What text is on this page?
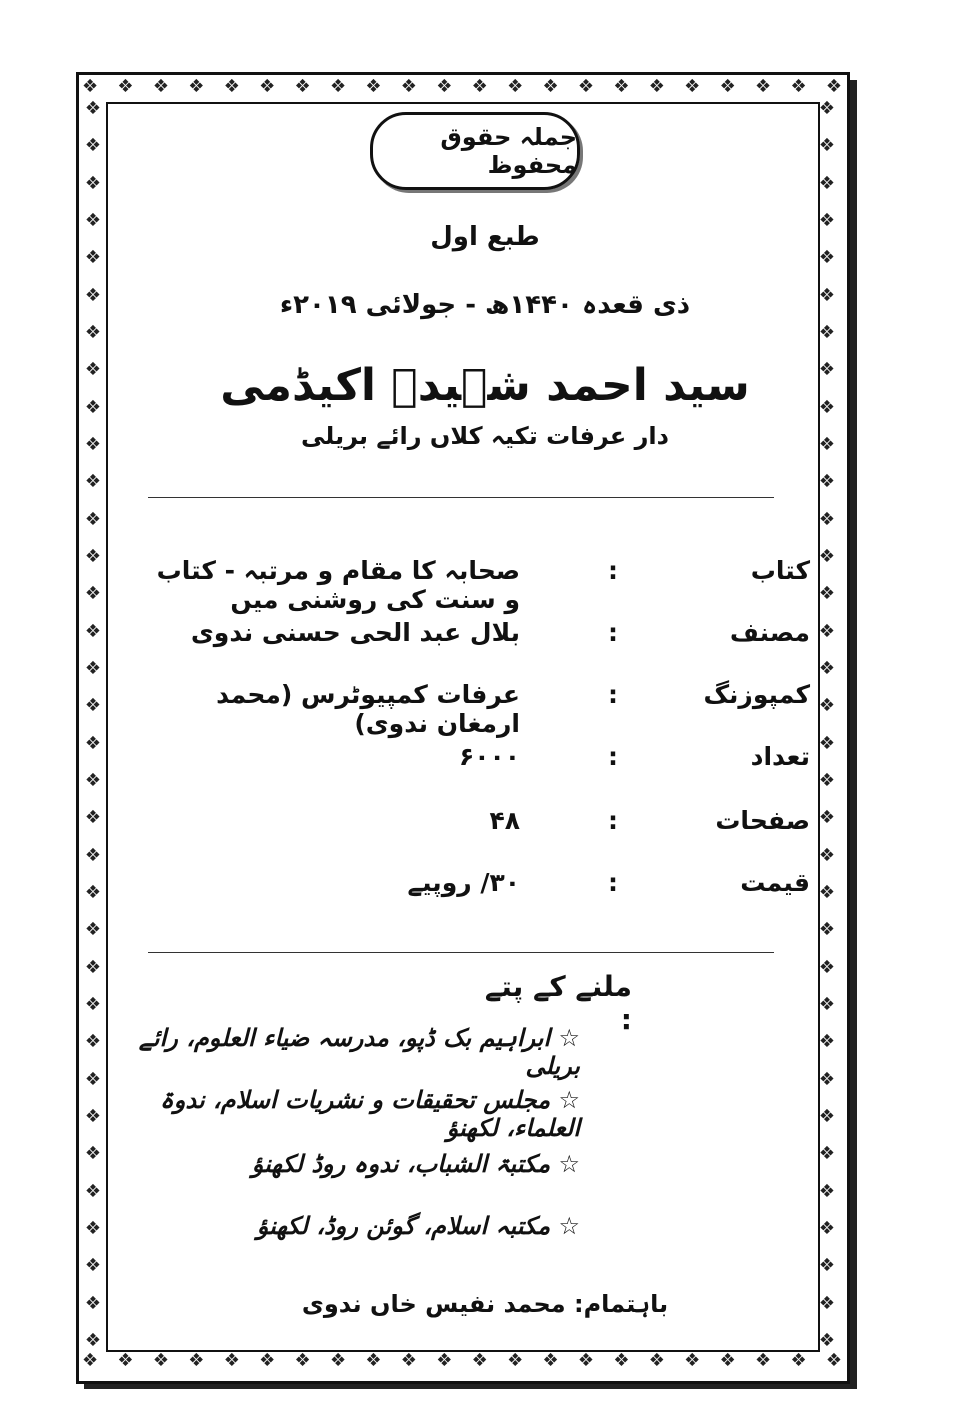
❖ ❖ ❖ ❖ ❖ ❖ ❖ ❖ ❖ ❖ ❖ ❖ ❖ ❖ ❖ ❖ ❖ ❖ ❖ ❖ ❖ ❖
❖ ❖ ❖ ❖ ❖ ❖ ❖ ❖ ❖ ❖ ❖ ❖ ❖ ❖ ❖ ❖ ❖ ❖ ❖ ❖ ❖ ❖
❖
❖
❖
❖
❖
❖
❖
❖
❖
❖
❖
❖
❖
❖
❖
❖
❖
❖
❖
❖
❖
❖
❖
❖
❖
❖
❖
❖
❖
❖
❖
❖
❖
❖
❖
❖
❖
❖
❖
❖
❖
❖
❖
❖
❖
❖
❖
❖
❖
❖
❖
❖
❖
❖
❖
❖
❖
❖
❖
❖
❖
❖
❖
❖
❖
❖
❖
❖
جملہ حقوق محفوظ
طبع اول
ذی قعدہ ۱۴۴۰ھ - جولائی ۲۰۱۹ء
سید احمد شہیدؒ اکیڈمی
دار عرفات تکیہ کلاں رائے بریلی
کتاب
:
صحابہ کا مقام و مرتبہ - کتاب و سنت کی روشنی میں
مصنف
:
بلال عبد الحی حسنی ندوی
کمپوزنگ
:
عرفات کمپیوٹرس (محمد ارمغان ندوی)
تعداد
:
۶۰۰۰
صفحات
:
۴۸
قیمت
:
۳۰/ روپیے
ملنے کے پتے :
☆ ابراہیم بک ڈپو، مدرسہ ضیاء العلوم، رائے بریلی
☆ مجلس تحقیقات و نشریات اسلام، ندوۃ العلماء، لکھنؤ
☆ مکتبۃ الشباب، ندوہ روڈ لکھنؤ
☆ مکتبہ اسلام، گوئن روڈ، لکھنؤ
باہتمام: محمد نفیس خاں ندوی
